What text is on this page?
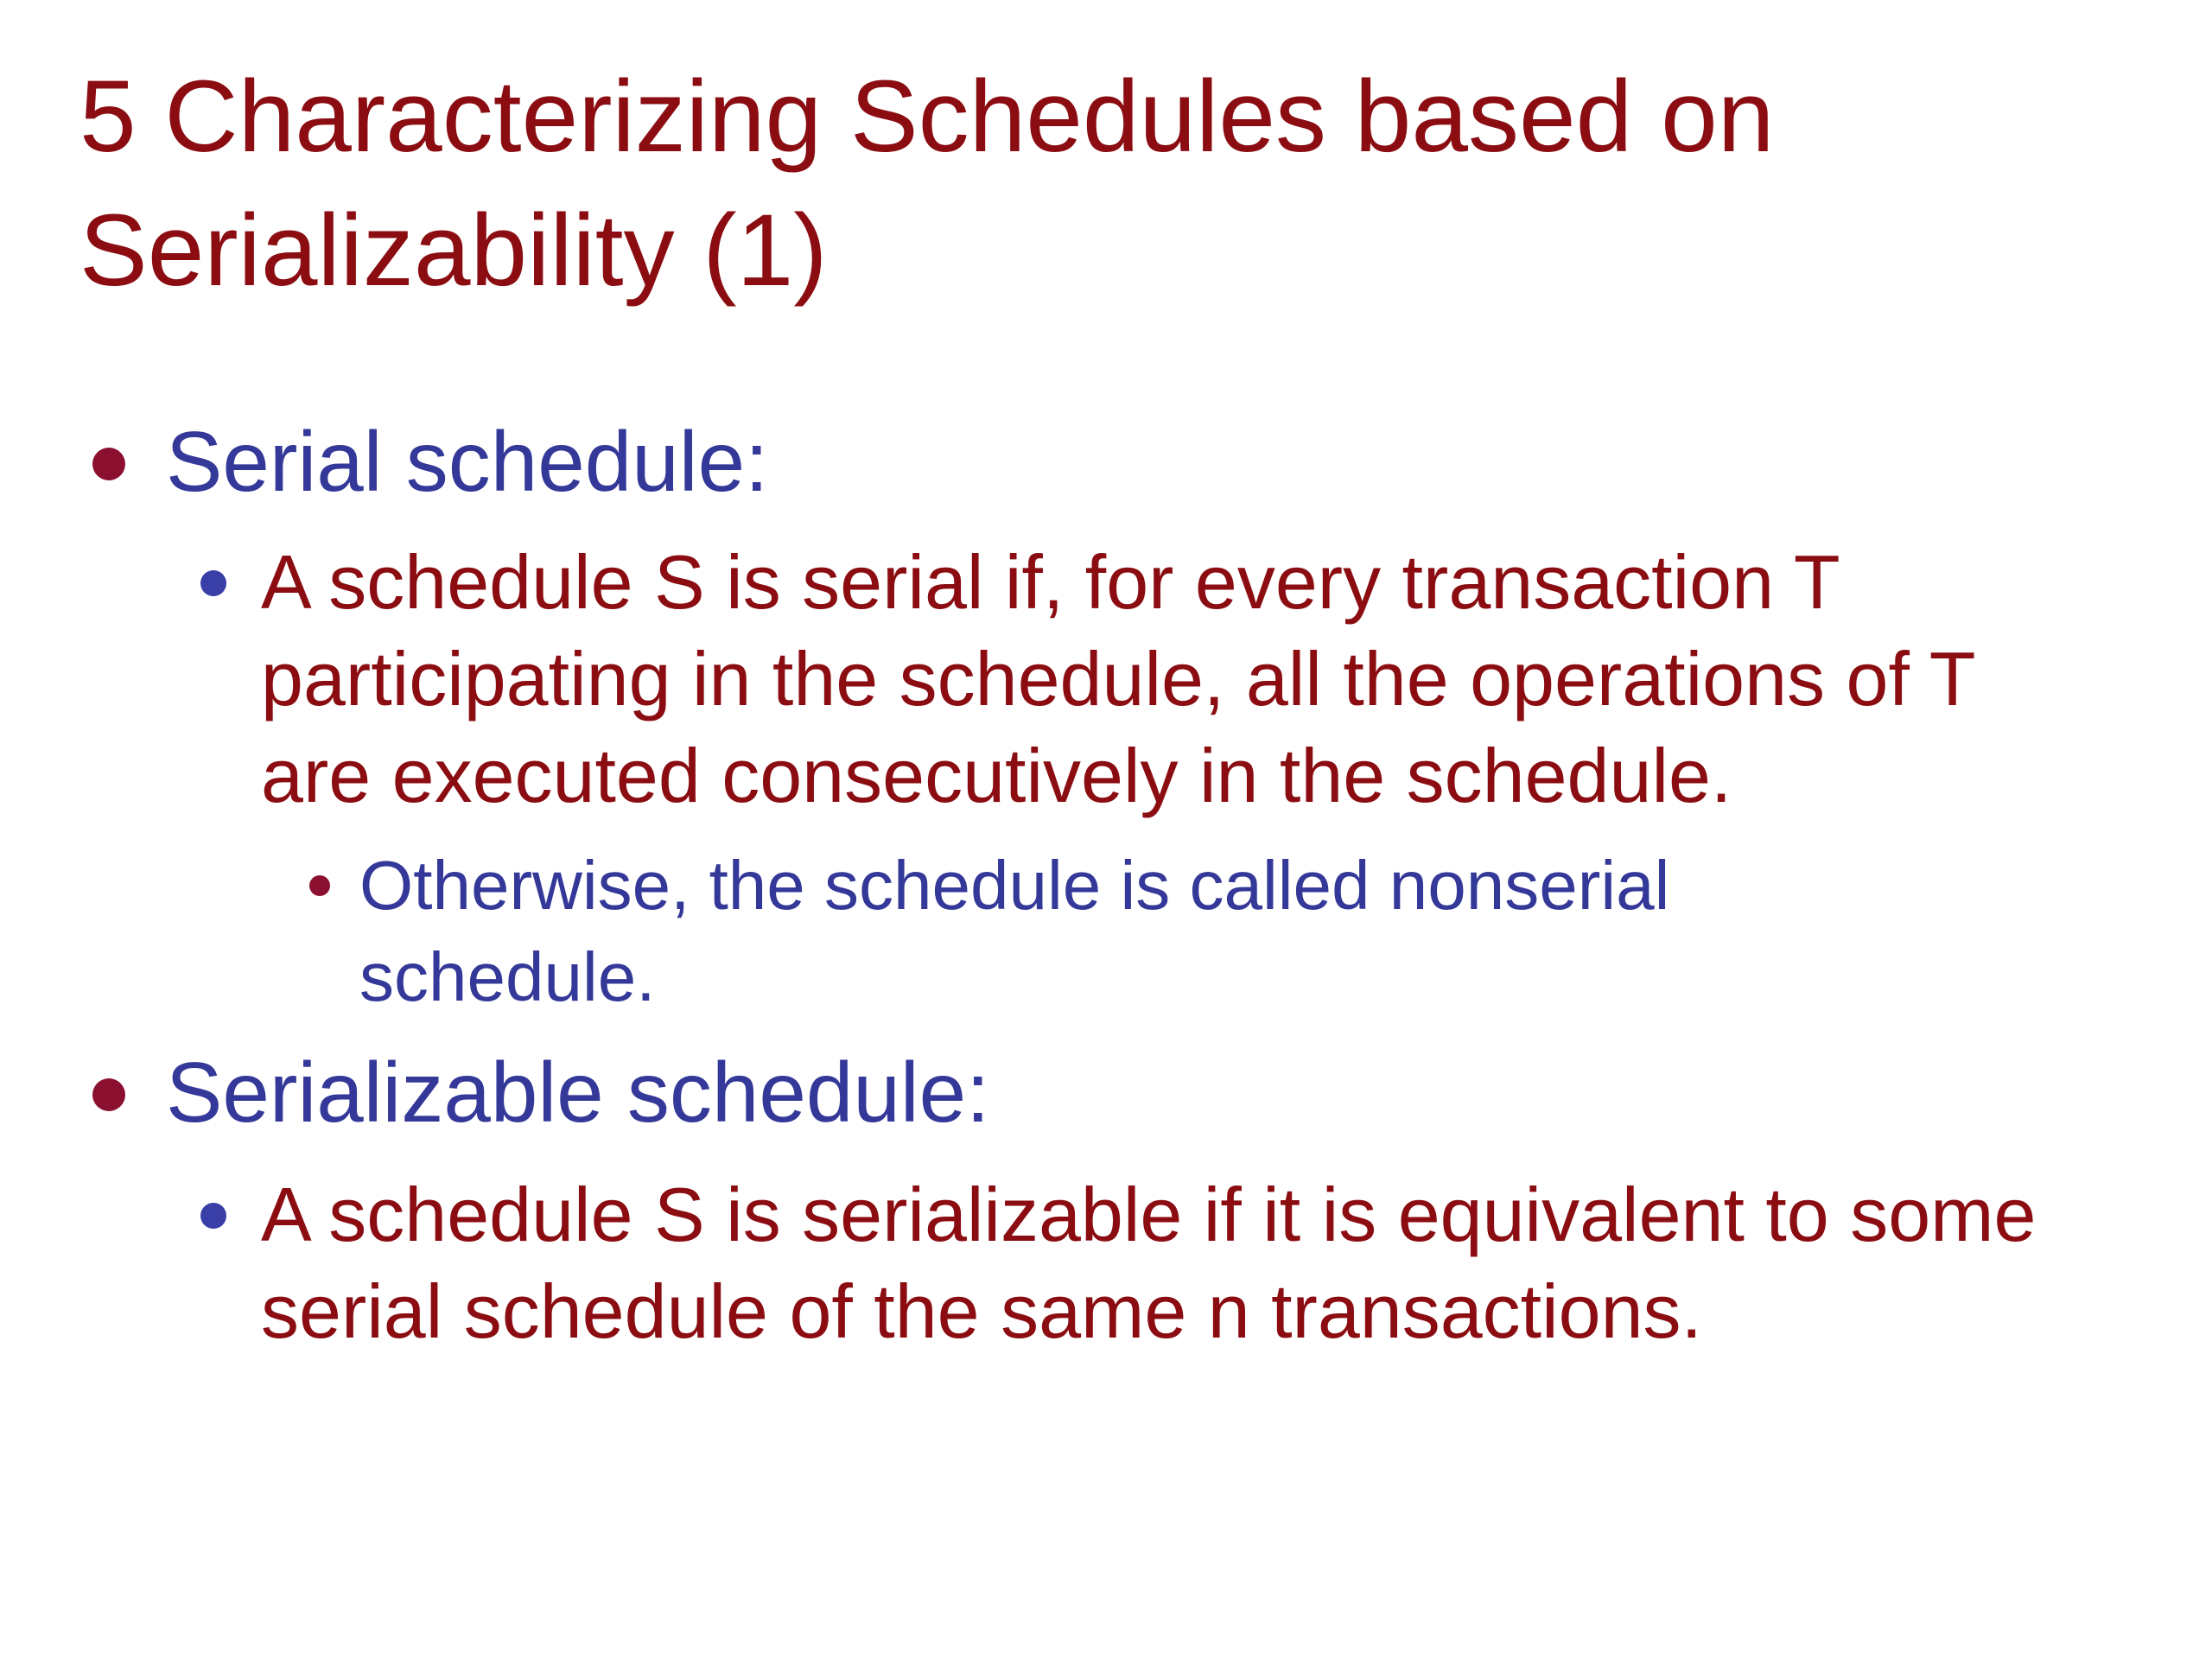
5 Characterizing Schedules based on Serializability (1)
Serial schedule:
A schedule S is serial if, for every transaction T participating in the schedule, all the operations of T are executed consecutively in the schedule.
Otherwise, the schedule is called nonserial schedule.
Serializable schedule:
A schedule S is serializable if it is equivalent to some serial schedule of the same n transactions.
